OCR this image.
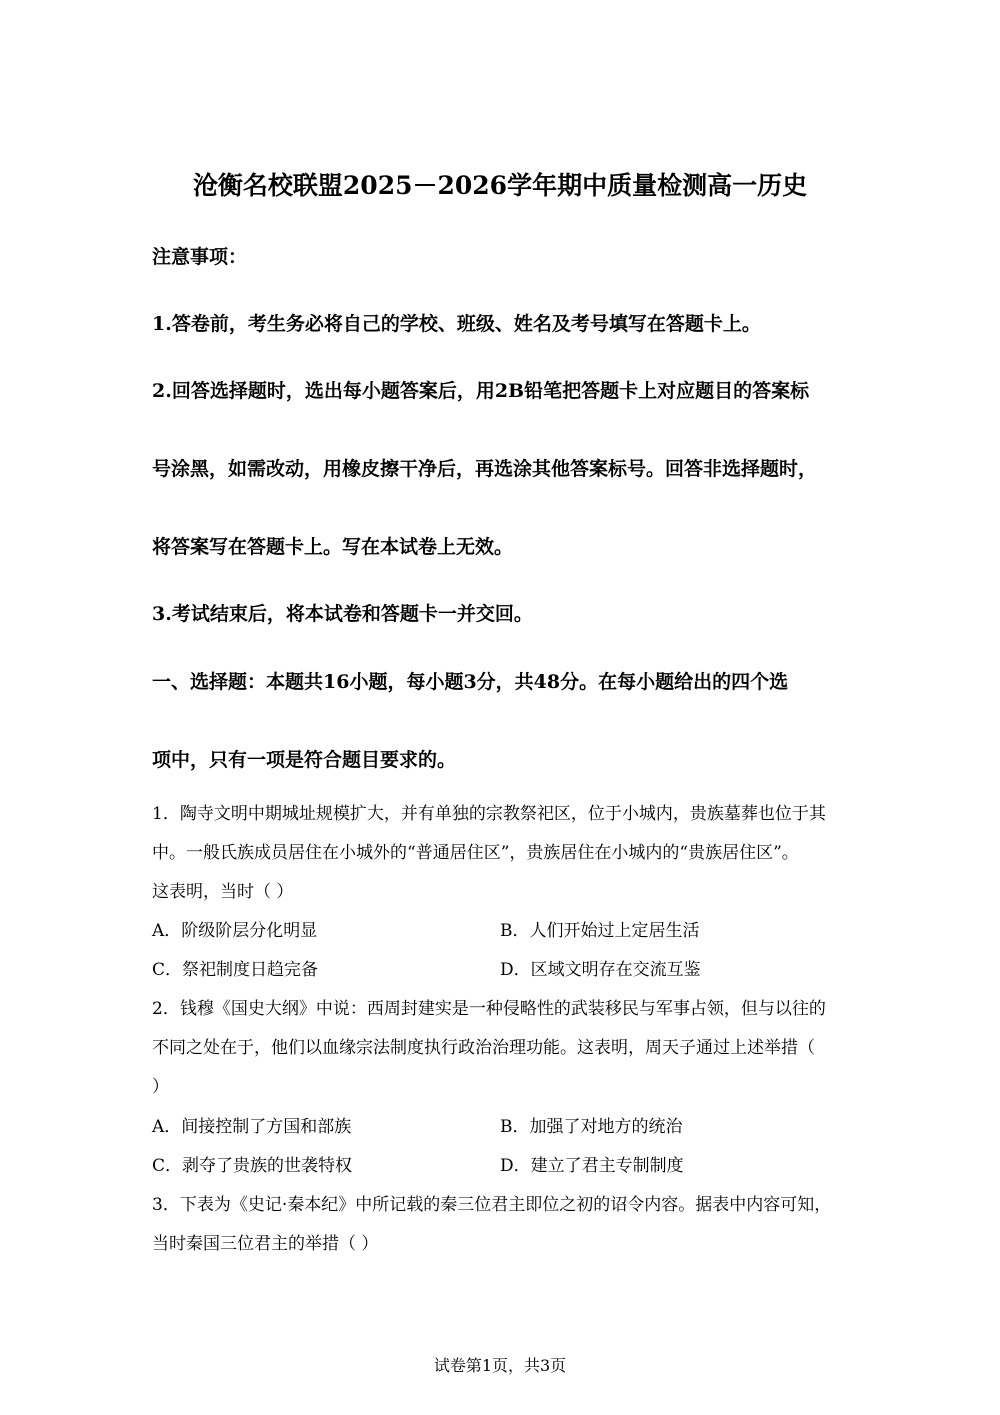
沧衡名校联盟2025－2026学年期中质量检测高一历史
注意事项：
1.答卷前，考生务必将自己的学校、班级、姓名及考号填写在答题卡上。
2.回答选择题时，选出每小题答案后，用2B铅笔把答题卡上对应题目的答案标
号涂黑，如需改动，用橡皮擦干净后，再选涂其他答案标号。回答非选择题时，
将答案写在答题卡上。写在本试卷上无效。
3.考试结束后，将本试卷和答题卡一并交回。
一、选择题：本题共16小题，每小题3分，共48分。在每小题给出的四个选
项中，只有一项是符合题目要求的。
1．陶寺文明中期城址规模扩大，并有单独的宗教祭祀区，位于小城内，贵族墓葬也位于其
中。一般氏族成员居住在小城外的“普通居住区”，贵族居住在小城内的“贵族居住区”。
这表明，当时（ ）
A．阶级阶层分化明显	B．人们开始过上定居生活
C．祭祀制度日趋完备	D．区域文明存在交流互鉴
2．钱穆《国史大纲》中说：西周封建实是一种侵略性的武装移民与军事占领，但与以往的
不同之处在于，他们以血缘宗法制度执行政治治理功能。这表明，周天子通过上述举措（
）
A．间接控制了方国和部族	B．加强了对地方的统治
C．剥夺了贵族的世袭特权	D．建立了君主专制制度
3．下表为《史记·秦本纪》中所记载的秦三位君主即位之初的诏令内容。据表中内容可知，
当时秦国三位君主的举措（ ）
试卷第1页，共3页
